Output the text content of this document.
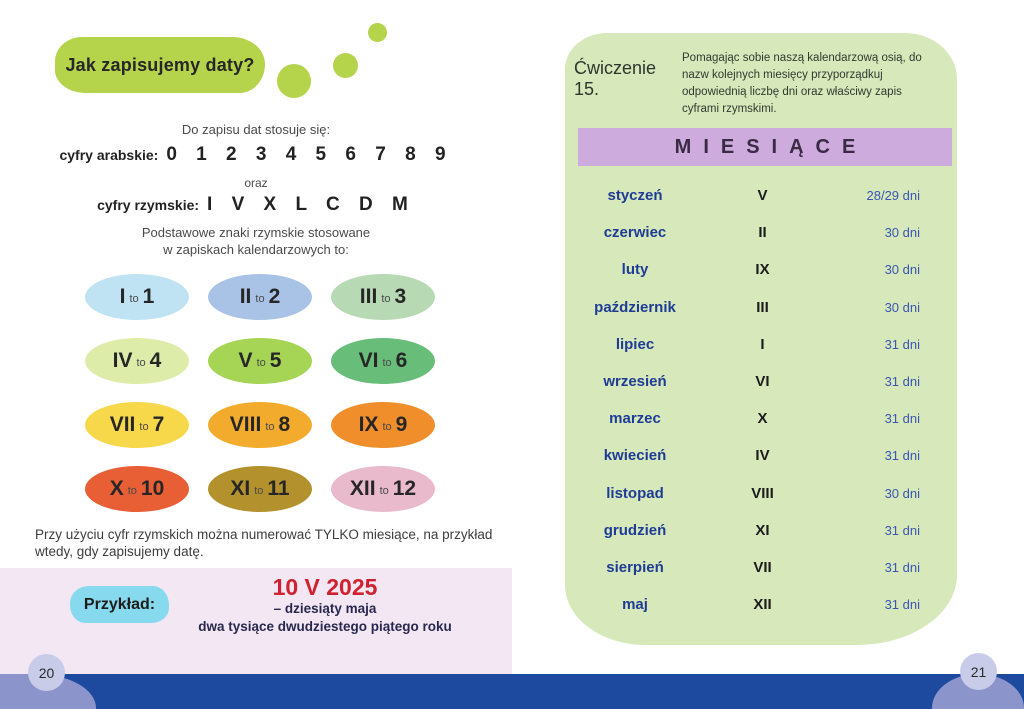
Jak zapisujemy daty?
Do zapisu dat stosuje się:
cyfry arabskie: 0 1 2 3 4 5 6 7 8 9
oraz
cyfry rzymskie: I V X L C D M
Podstawowe znaki rzymskie stosowane
w zapiskach kalendarzowych to:
I to 1	II to 2	III to 3
IV to 4	V to 5	VI to 6
VII to 7	VIII to 8	IX to 9
X to 10	XI to 11	XII to 12
Przy użyciu cyfr rzymskich można numerować TYLKO miesiące, na przykład wtedy, gdy zapisujemy datę.
Przykład:
10 V 2025
– dziesiąty maja
dwa tysiące dwudziestego piątego roku
Ćwiczenie 15.
Pomagając sobie naszą kalendarzową osią, do nazw kolejnych miesięcy przyporządkuj odpowiednią liczbę dni oraz właściwy zapis cyframi rzymskimi.
MIESIĄCE
styczeń	V	28/29 dni
czerwiec	II	30 dni
luty	IX	30 dni
październik	III	30 dni
lipiec	I	31 dni
wrzesień	VI	31 dni
marzec	X	31 dni
kwiecień	IV	31 dni
listopad	VIII	30 dni
grudzień	XI	31 dni
sierpień	VII	31 dni
maj	XII	31 dni
20	21
